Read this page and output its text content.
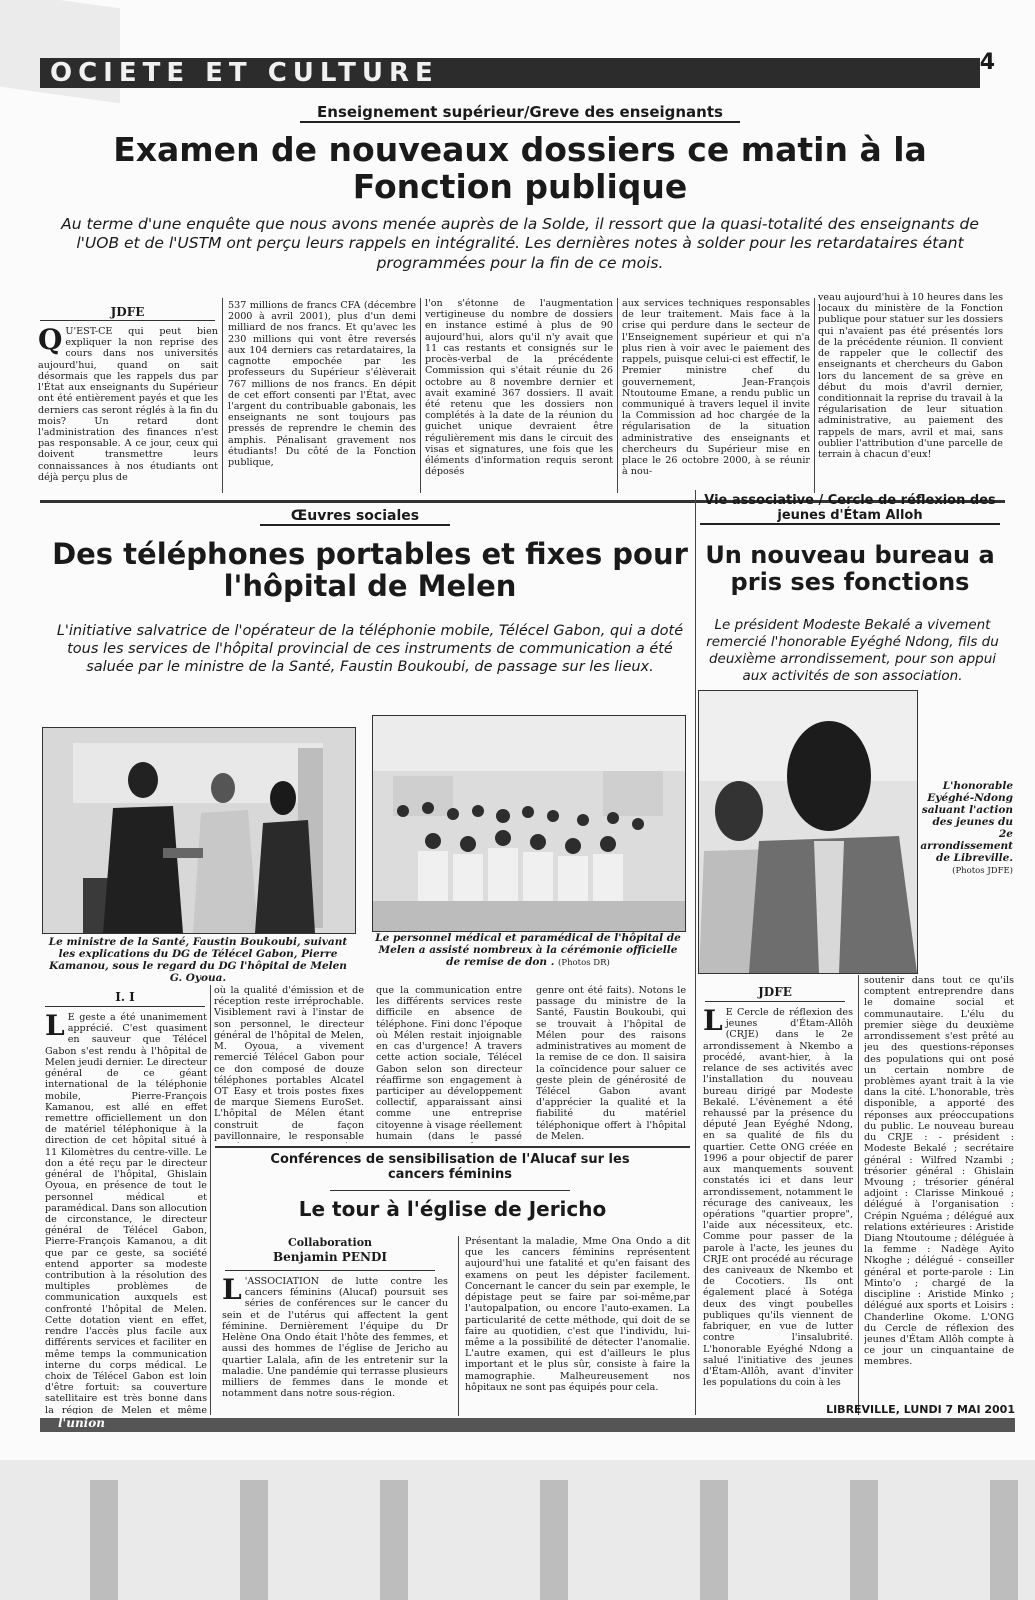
OCIETE ET CULTURE	4
Enseignement supérieur/Greve des enseignants
Examen de nouveaux dossiers ce matin à la Fonction publique
Au terme d'une enquête que nous avons menée auprès de la Solde, il ressort que la quasi-totalité des enseignants de l'UOB et de l'USTM ont perçu leurs rappels en intégralité. Les dernières notes à solder pour les retardataires étant programmées pour la fin de ce mois.
JDFE
Q U'EST-CE qui peut bien expliquer la non reprise des cours dans nos universités aujourd'hui, quand on sait désormais que les rappels dus par l'État aux enseignants du Supérieur ont été entièrement payés et que les derniers cas seront réglés à la fin du mois? Un retard dont l'administration des finances n'est pas responsable. A ce jour, ceux qui doivent transmettre leurs connaissances à nos étudiants ont déjà perçu plus de
537 millions de francs CFA (décembre 2000 à avril 2001), plus d'un demi milliard de nos francs. Et qu'avec les 230 millions qui vont être reversés aux 104 derniers cas retardataires, la cagnotte empochée par les professeurs du Supérieur s'élèverait 767 millions de nos francs. En dépit de cet effort consenti par l'État, avec l'argent du contribuable gabonais, les enseignants ne sont toujours pas pressés de reprendre le chemin des amphis. Pénalisant gravement nos étudiants! Du côté de la Fonction publique,
l'on s'étonne de l'augmentation vertigineuse du nombre de dossiers en instance estimé à plus de 90 aujourd'hui, alors qu'il n'y avait que 11 cas restants et consignés sur le procès-verbal de la précédente Commission qui s'était réunie du 26 octobre au 8 novembre dernier et avait examiné 367 dossiers. Il avait été retenu que les dossiers non complétés à la date de la réunion du guichet unique devraient être régulièrement mis dans le circuit des visas et signatures, une fois que les éléments d'information requis seront déposés
aux services techniques responsables de leur traitement. Mais face à la crise qui perdure dans le secteur de l'Enseignement supérieur et qui n'a plus rien à voir avec le paiement des rappels, puisque celui-ci est effectif, le Premier ministre chef du gouvernement, Jean-François Ntoutoume Emane, a rendu public un communiqué à travers lequel il invite la Commission ad hoc chargée de la régularisation de la situation administrative des enseignants et chercheurs du Supérieur mise en place le 26 octobre 2000, à se réunir à nou-
veau aujourd'hui à 10 heures dans les locaux du ministère de la Fonction publique pour statuer sur les dossiers qui n'avaient pas été présentés lors de la précédente réunion. Il convient de rappeler que le collectif des enseignants et chercheurs du Gabon lors du lancement de sa grève en début du mois d'avril dernier, conditionnait la reprise du travail à la régularisation de leur situation administrative, au paiement des rappels de mars, avril et mai, sans oublier l'attribution d'une parcelle de terrain à chacun d'eux!
Œuvres sociales
Des téléphones portables et fixes pour l'hôpital de Melen
L'initiative salvatrice de l'opérateur de la téléphonie mobile, Télécel Gabon, qui a doté tous les services de l'hôpital provincial de ces instruments de communication a été saluée par le ministre de la Santé, Faustin Boukoubi, de passage sur les lieux.
Le ministre de la Santé, Faustin Boukoubi, suivant les explications du DG de Télécel Gabon, Pierre Kamanou, sous le regard du DG l'hôpital de Melen G. Oyoua.
Le personnel médical et paramédical de l'hôpital de Melen a assisté nombreux à la cérémonie officielle de remise de don . (Photos DR)
I. I
L E geste a été unanimement apprécié. C'est quasiment en sauveur que Télécel Gabon s'est rendu à l'hôpital de Melen jeudi dernier. Le directeur général de ce géant international de la téléphonie mobile, Pierre-François Kamanou, est allé en effet remettre officiellement un don de matériel téléphonique à la direction de cet hôpital situé à 11 Kilomètres du centre-ville. Le don a été reçu par le directeur général de l'hôpital, Ghislain Oyoua, en présence de tout le personnel médical et paramédical. Dans son allocution de circonstance, le directeur général de Télécel Gabon, Pierre-François Kamanou, a dit que par ce geste, sa société entend apporter sa modeste contribution à la résolution des multiples problèmes de communication auxquels est confronté l'hôpital de Melen. Cette dotation vient en effet, rendre l'accès plus facile aux différents services et faciliter en même temps la communication interne du corps médical. Le choix de Télécel Gabon est loin d'être fortuit: sa couverture satellitaire est très bonne dans la région de Melen et même
où la qualité d'émission et de réception reste irréprochable. Visiblement ravi à l'instar de son personnel, le directeur général de l'hôpital de Melen, M. Oyoua, a vivement remercié Télécel Gabon pour ce don composé de douze téléphones portables Alcatel OT Easy et trois postes fixes de marque Siemens EuroSet. L'hôpital de Mélen étant construit de façon pavillonnaire, le responsable
que la communication entre les différents services reste difficile en absence de téléphone. Fini donc l'époque où Mélen restait injoignable en cas d'urgence! A travers cette action sociale, Télécel Gabon selon son directeur réaffirme son engagement à participer au développement collectif, apparaissant ainsi comme une entreprise citoyenne à visage réellement humain (dans le passé
genre ont été faits). Notons le passage du ministre de la Santé, Faustin Boukoubi, qui se trouvait à l'hôpital de Mélen pour des raisons administratives au moment de la remise de ce don. Il saisira la coïncidence pour saluer ce geste plein de générosité de Télécel Gabon avant d'apprécier la qualité et la fiabilité du matériel téléphonique offert à l'hôpital de Melen.
Conférences de sensibilisation de l'Alucaf sur les cancers féminins
Le tour à l'église de Jericho
Collaboration
Benjamin PENDI
L 'ASSOCIATION de lutte contre les cancers féminins (Alucaf) poursuit ses séries de conférences sur le cancer du sein et de l'utérus qui affectent la gent féminine. Dernièrement l'équipe du Dr Helène Ona Ondo était l'hôte des femmes, et aussi des hommes de l'église de Jericho au quartier Lalala, afin de les entretenir sur la maladie. Une pandémie qui terrasse plusieurs milliers de femmes dans le monde et notamment dans notre sous-région.
Présentant la maladie, Mme Ona Ondo a dit que les cancers féminins représentent aujourd'hui une fatalité et qu'en faisant des examens on peut les dépister facilement. Concernant le cancer du sein par exemple, le dépistage peut se faire par soi-même,par l'autopalpation, ou encore l'auto-examen. La particularité de cette méthode, qui doit de se faire au quotidien, c'est que l'individu, lui-même a la possibilité de détecter l'anomalie. L'autre examen, qui est d'ailleurs le plus important et le plus sûr, consiste à faire la mamographie. Malheureusement nos hôpitaux ne sont pas équipés pour cela.
Vie associative / Cercle de réflexion des jeunes d'Étam Alloh
Un nouveau bureau a pris ses fonctions
Le président Modeste Bekalé a vivement remercié l'honorable Eyéghé Ndong, fils du deuxième arrondissement, pour son appui aux activités de son association.
L'honorable Eyéghé-Ndong saluant l'action des jeunes du 2e arrondissement de Libreville.
(Photos JDFE)
JDFE
L E Cercle de réflexion des jeunes d'Étam-Allôh (CRJE) dans le 2e arrondissement à Nkembo a procédé, avant-hier, à la relance de ses activités avec l'installation du nouveau bureau dirigé par Modeste Bekalé. L'évènement a été rehaussé par la présence du député Jean Eyéghé Ndong, en sa qualité de fils du quartier. Cette ONG créée en 1996 a pour objectif de parer aux manquements souvent constatés ici et dans leur arrondissement, notamment le récurage des caniveaux, les opérations "quartier propre", l'aide aux nécessiteux, etc. Comme pour passer de la parole à l'acte, les jeunes du CRJE ont procédé au récurage des caniveaux de Nkembo et de Cocotiers. Ils ont également placé à Sotéga deux des vingt poubelles publiques qu'ils viennent de fabriquer, en vue de lutter contre l'insalubrité. L'honorable Eyéghé Ndong a salué l'initiative des jeunes d'Étam-Allôh, avant d'inviter les populations du coin à les
soutenir dans tout ce qu'ils comptent entreprendre dans le domaine social et communautaire. L'élu du premier siège du deuxième arrondissement s'est prêté au jeu des questions-réponses des populations qui ont posé un certain nombre de problèmes ayant trait à la vie dans la cité. L'honorable, très disponible, a apporté des réponses aux préoccupations du public. Le nouveau bureau du CRJE : - président : Modeste Bekalé ; secrétaire général : Wilfred Nzambi ; trésorier général : Ghislain Mvoung ; trésorier général adjoint : Clarisse Minkoué ; délégué à l'organisation : Crépin Nguéma ; délégué aux relations extérieures : Aristide Diang Ntoutoume ; déléguée à la femme : Nadège Ayito Nkoghe ; délégué - conseiller général et porte-parole : Lin Minto'o ; chargé de la discipline : Aristide Minko ; délégué aux sports et Loisirs : Chanderline Okome. L'ONG du Cercle de réflexion des jeunes d'Étam Allôh compte à ce jour un cinquantaine de membres.
l'union
LIBREVILLE, LUNDI 7 MAI 2001
